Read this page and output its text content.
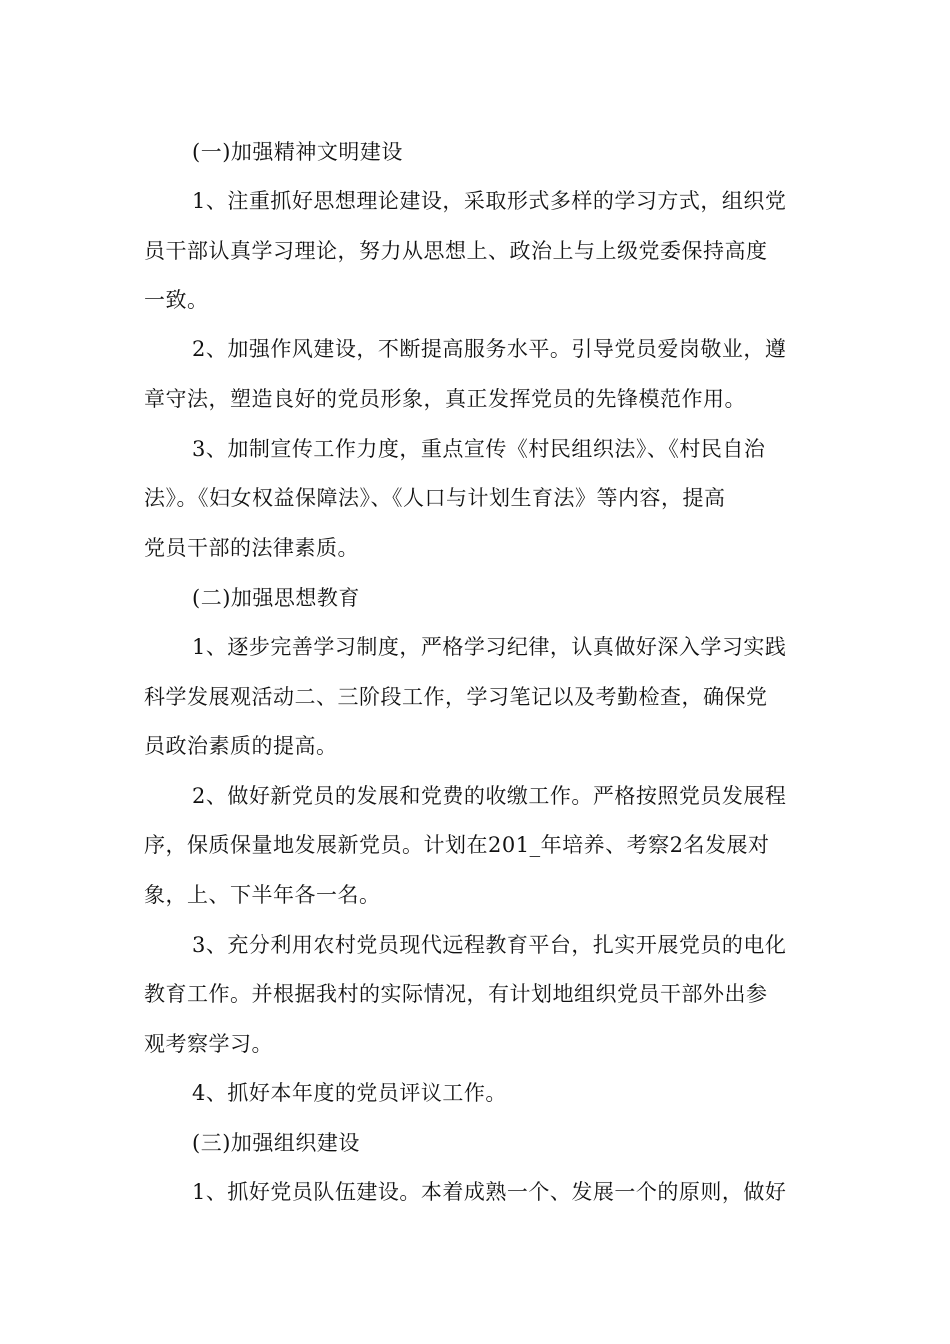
(一)加强精神文明建设
1、注重抓好思想理论建设，采取形式多样的学习方式，组织党
员干部认真学习理论，努力从思想上、政治上与上级党委保持高度
一致。
2、加强作风建设，不断提高服务水平。引导党员爱岗敬业，遵
章守法，塑造良好的党员形象，真正发挥党员的先锋模范作用。
3、加制宣传工作力度，重点宣传《村民组织法》、《村民自治
法》。《妇女权益保障法》、《人口与计划生育法》等内容，提高
党员干部的法律素质。
(二)加强思想教育
1、逐步完善学习制度，严格学习纪律，认真做好深入学习实践
科学发展观活动二、三阶段工作，学习笔记以及考勤检查，确保党
员政治素质的提高。
2、做好新党员的发展和党费的收缴工作。严格按照党员发展程
序，保质保量地发展新党员。计划在201_年培养、考察2名发展对
象，上、下半年各一名。
3、充分利用农村党员现代远程教育平台，扎实开展党员的电化
教育工作。并根据我村的实际情况，有计划地组织党员干部外出参
观考察学习。
4、抓好本年度的党员评议工作。
(三)加强组织建设
1、抓好党员队伍建设。本着成熟一个、发展一个的原则，做好
